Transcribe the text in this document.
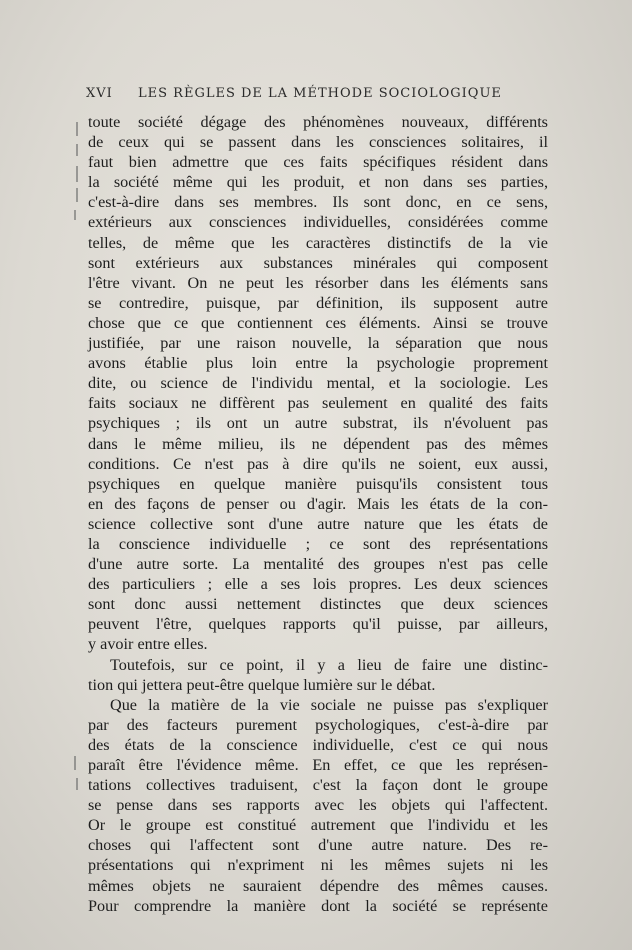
XVI LES RÈGLES DE LA MÉTHODE SOCIOLOGIQUE
toute société dégage des phénomènes nouveaux, différents
de ceux qui se passent dans les consciences solitaires, il
faut bien admettre que ces faits spécifiques résident dans
la société même qui les produit, et non dans ses parties,
c'est-à-dire dans ses membres. Ils sont donc, en ce sens,
extérieurs aux consciences individuelles, considérées comme
telles, de même que les caractères distinctifs de la vie
sont extérieurs aux substances minérales qui composent
l'être vivant. On ne peut les résorber dans les éléments sans
se contredire, puisque, par définition, ils supposent autre
chose que ce que contiennent ces éléments. Ainsi se trouve
justifiée, par une raison nouvelle, la séparation que nous
avons établie plus loin entre la psychologie proprement
dite, ou science de l'individu mental, et la sociologie. Les
faits sociaux ne diffèrent pas seulement en qualité des faits
psychiques ; ils ont un autre substrat, ils n'évoluent pas
dans le même milieu, ils ne dépendent pas des mêmes
conditions. Ce n'est pas à dire qu'ils ne soient, eux aussi,
psychiques en quelque manière puisqu'ils consistent tous
en des façons de penser ou d'agir. Mais les états de la con-
science collective sont d'une autre nature que les états de
la conscience individuelle ; ce sont des représentations
d'une autre sorte. La mentalité des groupes n'est pas celle
des particuliers ; elle a ses lois propres. Les deux sciences
sont donc aussi nettement distinctes que deux sciences
peuvent l'être, quelques rapports qu'il puisse, par ailleurs,
y avoir entre elles.
Toutefois, sur ce point, il y a lieu de faire une distinc-
tion qui jettera peut-être quelque lumière sur le débat.
Que la matière de la vie sociale ne puisse pas s'expliquer
par des facteurs purement psychologiques, c'est-à-dire par
des états de la conscience individuelle, c'est ce qui nous
paraît être l'évidence même. En effet, ce que les représen-
tations collectives traduisent, c'est la façon dont le groupe
se pense dans ses rapports avec les objets qui l'affectent.
Or le groupe est constitué autrement que l'individu et les
choses qui l'affectent sont d'une autre nature. Des re-
présentations qui n'expriment ni les mêmes sujets ni les
mêmes objets ne sauraient dépendre des mêmes causes.
Pour comprendre la manière dont la société se représente
